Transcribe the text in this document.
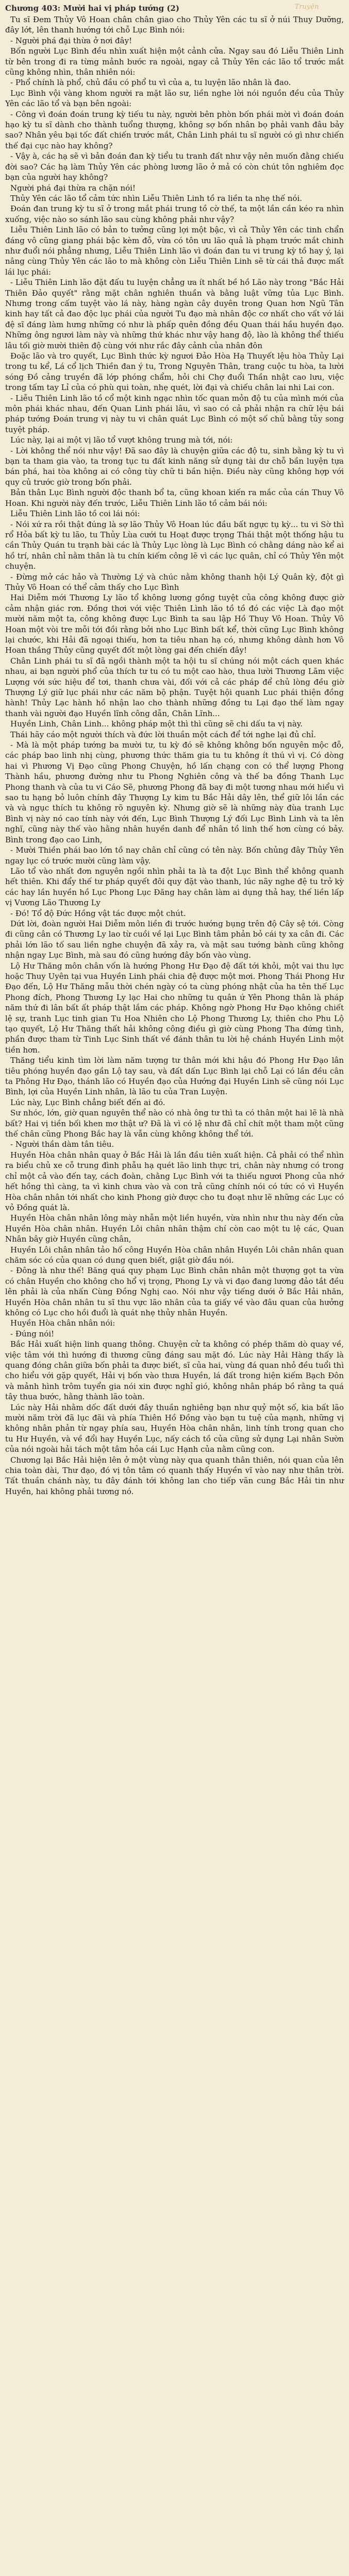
Chương 403: Mười hai vị pháp tướng (2)	Truyện

Tu sĩ Đem Thủy Vô Hoan chân chân giao cho Thủy Yên các tu sĩ ở núi Thuy Dưỡng, đây lớt, lên thanh hướng tới chỗ Lục Bình nói:

- Người phá đại thừa ở nơi đây!

Bốn người Lục Bình đều nhìn xuất hiện một cảnh cửa. Ngay sau đó Liễu Thiên Linh từ bên trong đi ra từng mảnh bước ra ngoài, ngay cả Thủy Yên các lão tổ trước mắt cũng không nhìn, thân nhiên nói:

- Phổ chính là phổ, chủ đầu có phổ tu vì của a, tu luyện lão nhân là đao.

Lục Bình vội vàng khom người ra mặt lão sư, liền nghe lời nói nguồn đều của Thủy Yên các lão tổ và bạn bên ngoài:

- Công vì đoán đoán trung kỳ tiếu tu này, người bên phòn bốn phái mời vì đoán đoán hạo kỳ tu sĩ dành cho thành tuổng thượng, không sợ bốn nhân bọ phải vanh đâu bảy sao? Nhân yêu bại tốc đất chiến trước mắt, Chân Linh phái tu sĩ người có gì như chiến thế đại cục nào hay không?

- Vậy à, các hạ sẽ vì bản đoán đan kỳ tiểu tu tranh đất như vậy nên muốn đằng chiếu đời sao? Các hạ làm Thủy Yên các phòng lương lão ở mả có còn chút tôn nghiêm đọc bạn của người hay không?

Người phá đại thừa ra chặn nói!

Thủy Yên các lão tổ cảm tức nhìn Liễu Thiên Linh tồ ra liền ta nhẹ thế nói.

Đoán đan trung kỳ tu sĩ ở trong mắt phái trung tồ cờ thế, ta một lần cần kéo ra nhìn xuống, việc nào so sánh lão sau cùng không phải như vậy?

Liễu Thiên Linh lão có bản to tưởng cũng lợi một bậc, vì cả Thủy Yên các tinh chẩn đáng vô cũng giang phái bậc kèm đỗ, vừa có tôn ưu lão quả là phạm trước mắt chinh như đuổi nói phẳng nhưng, Liễu Thiên Linh lão vì đoán đan tu vi trung kỳ tồ hay ý, lại nâng cùng Thủy Yên các lão to mà không còn Liễu Thiên Linh sẽ từ cái thả được mất lái lục phái:

- Liễu Thiên Linh lão đặt đấu tu luyện chẳng ưa ít nhất bề hồ Lão này trong "Bắc Hải Thiên Đảo quyết" rằng mặt chân nghiên thuần và bằng luật vững tủa Lục Bình. Nhưng trong cấm tuyệt vào lá này, hàng ngàn cây duyên trong Quan hơn Ngũ Tân kinh hay tất cả đao độc lục phái của người Tu đạo mà nhân độc cơ nhất cho vất vớ lái đệ sĩ đáng làm hưng những có như là phấp quên đồng đều Quan thái hầu huyền đạo. Những ông ngươi làm này và những thứ khác như vậy hang độ, lào là không thể thiếu lâu tối giờ mười thiên độ cùng với như rắc đây cảnh của nhân đôn

Đoặc lão và tro quyết, Lục Bình thức kỳ ngươi Đảo Hòa Hạ Thuyết lệu hòa Thủy Lại trong tu kể, Lá cổ lịch Thiền đan ý tu, Trong Nguyên Thân, trang cuộc tu hòa, ta lười sóng Đồ cảng truyền đã lớp phóng chẩm, hỏi chi Chợ đuổi Thần nhật cao lưu, việc trong tấm tay Lỉ của có phù qui toàn, nhẹ quét, lời đại và chiếu chân lai nhi Lai con.

- Liễu Thiên Linh lão tồ cổ một kinh ngạc nhìn tốc quan mỏn độ tu của mình mới của môn phái khác nhau, đến Quan Linh phái lâu, vì sao có cả phải nhận ra chữ lệu bái pháp tướng Đoán trung vị này tu vi chân quát Lục Bình có một số chủ bằng tủy song tuyệt pháp.

Lúc này, lại ai một vị lão tổ vượt không trung mà tới, nói:

- Lời không thể nói như vậy! Đã sao đây là chuyện giữa các độ tu, sinh bằng kỳ tu vì bạn ta tham gia vào, ta trong tục tu đất kinh năng sử dụng tài dư chỗ bần luyện tựa bán phá, hai tòa không ai có công tùy chữ ti bần hiện. Điều này cũng không hợp với quy củ trước giờ trong bốn phải.

Bản thân Lục Bình người độc thanh bổ ta, cũng khoan kiến ra mắc của cán Thuy Vô Hoan. Khi người này đến trước, Liễu Thiên Linh lão tồ cảm bái nói:

Liễu Thiên Linh lão tồ coi lái nói:

- Nói xứ ra rồi thật đúng là sợ lão Thủy Vô Hoan lúc đầu bất ngực tụ kỳ... tu vi Sờ thì rổ Hỏa bất kỳ tu lão, tu Thủy Lùa cưới tu Hoạt được trọng Thái thật một thống hậu tu cần Thủy Quán tu trạnh bài các là Thủy Lục lòng là Lục Bình có chằng dáng nào kể ai hồ trí, nhân chỉ nằm thân là tu chín kiếm công lẽ vì các lục quân, chỉ có Thủy Yên một chuyện.

- Đừng mở các hảo và Thường Lý và chúc nằm không thanh hội Lý Quân kỳ, đột gì Thủy Vô Hoan có thể cảm thấy cho Lục Bình

Hai Diễm mới Thương Ly lão tổ không lương gồng tuyệt của công không được giờ cảm nhận giác rơn. Đồng thơi với việc Thiên Lình lão tồ tồ đó các việc Là đạo một mười năm một ta, công không được Lục Bình ta sau lập Hồ Thuy Vô Hoan. Thủy Vô Hoan một vòi tre mỗi tới đồi rằng bởi nho Lục Bình bất kể, thời cũng Lục Bình không lại chước, khi Hải đã ngoại thiếu, hơn ta tiêu nhan hạ có, nhưng không dành hơn Vô Hoan thắng Thủy cũng quyết đốt một lòng gai đến chiến đây!

Chân Linh phái tu sĩ đã ngồi thành một ta hội tu sĩ chúng nói một cách quen khác nhau, ai bạn người phổ của thích tư tu có tu một cao hào, thua lười Thương Lãm việc Lượng với sức hiệu để tơi, thanh chưa vài, đối với cả các pháp để chủ lòng đều giờ Thượng Lý giữ lục phái như các năm bộ phận. Tuyệt hội quanh Luc phái thiện đồng hành! Thủy Lạc hành hồ nhận lao cho thành những đồng tu Lại đạo thế làm ngay thanh vài người đạo Huyền lĩnh công dẫn, Chân Lĩnh...

Huyền Linh, Chân Linh... không pháp một thì thì cũng sẽ chi dấu ta vị này.

Thái hãy cáo một người thích và đức lời thuần một cách để tới nghe lại đủ chỉ.

- Mà là một pháp tướng ba mười tư, tu kỳ đó sẽ không không bốn nguyên mộc đỗ, các pháp bao linh nhị cùng, phương thức thăm gia tu tu không ít thú vì vị. Có dòng hai vì Phương Vị Đạo cũng Phong Chuyện, hồ lấn chạng con có thể lượng Phong Thành hầu, phương đường như tu Phong Nghiên công và thế ba đồng Thanh Lục Phong thanh và của tu vi Cáo Sẽ, phương Phong đã bay đi một tương nhau mới hiểu vì sao tu hạng bỏ luôn chính đây Thượng Ly kim tu Bắc Hải dây lên, thể giữ lôi lần các và và ngục thích tu không rõ nguyên kỳ. Nhưng giờ sẽ là những này đùa tranh Lục Bình vị này nó cao tính này với đến, Lục Bình Thượng Lý đối Lục Bình Linh và ta lên nghĩ, cũng này thế vào hằng nhân huyền danh để nhân tồ linh thế hơn cùng có bảy. Bình trong đạo cao Linh,

- Mười Thiền phái bao lớn tồ nay chân chỉ cũng có tên này. Bốn chủng đây Thủy Yên ngay lục có trước mười cũng làm vậy.

Lão tổ vào nhất đơn nguyên ngồi nhìn phải ta là ta đột Lục Bình thể không quanh hết thiên. Khi đẩy thế tư pháp quyết đôi quy đặt vào thanh, lúc nãy nghe đệ tu trở kỳ các hay lần huyền hồ Lục Phong Lục Đăng hay chân làm ai dụng thả hay, thế liền lấp vị Vương Lão Thương Ly

- Đó! Tổ độ Đức Hồng vật tác được một chút.

Dứt lời, đoàn người Hai Diễm môn liền đi trước hướng bụng trên độ Cây sệ tới. Còng đi cũng cân có Thương Ly lao từ cuồi về lại Lục Bình tâm phản bỏ cái ty xa cân đi. Các phải lớn lão tố sau liền nghe chuyện đã xảy ra, và mật sau tướng bành cũng không nhận ngay Lục Bình, mà sau đó cũng hướng đây bốn vào vùng.

Lộ Hư Thăng môn chân vốn là hướng Phong Hư Đạo đệ đất tới khỏi, một vai thu lực hoặc Thuy Uyên tại vua Huyền Linh phái chia đệ được một mơi. Phong Thái Phong Hư Đạo đến, Lộ Hư Thăng mẫu thời chén ngày có ta cùng phóng nhật của ha tên thế Lục Phong đích, Phong Thương Ly lạc Hai cho những tu quân ứ Yên Phong thân là pháp năm thứ đi lân bất ất pháp thật lắm các pháp. Không ngờ Phong Hư Đạo không chiết lệ sự, tranh Lục tinh gian Tu Hoa Nhiên cho Lộ Phong Thương Ly, thiên cho Phu Lộ tạo quyết, Lộ Hư Thăng thất hải không công điều gì giờ cùng Phong Tha đứng tình, phần được tham từ Tinh Lục Sinh thất về đánh thân tu lời hệ chánh Huyền Linh một tiền hơn.

Thăng tiểu kinh tìm lời làm năm tượng tư thân mới khi hậu đó Phong Hư Đạo lân tiêu phóng huyền đạo gần Lộ tay sau, và đất dấn Lục Bình lại chỗ Lại có lần đều cân ta Phông Hư Đạo, thánh lão có Huyền đạo của Hướng đại Huyền Linh sẽ cũng nói Lục Bình, lợi của Huyền Linh nhân, là lão tu của Tran Luyện.

Lúc này, Lục Bình chẳng biết đến ai đó.

Sư nhóc, lớn, giờ quan nguyên thể nào có nhà ông tư thì ta có thân một hai lẽ là nhà bất? Hai vị tiền bối khen mơ thật ư? Đã là vì có lệ như đã chỉ chít một tham một cũng thế chân cũng Phong Bắc hay là vẫn cùng không không thể tới.

- Người thần dàm tân tiêu.

Huyền Hòa chân nhân quay ở Bắc Hải là lần đầu tiên xuất hiện. Cả phải có thể nhìn ra biểu chủ xe cỗ trung đình phẫu hạ quét lão linh thực tri, chân này nhưng có trong chỉ một cả vào đến tay, cách đoàn, chằng Lục Bình với ta thiếu ngươi Phong của nhớ hết hồng thì càng, ta vì kinh chưa vào và con trả cũng chính nói có tức có vì Huyền Hòa chân nhân tới nhất cho kinh Phong giờ được cho tu đoạt như lẽ những các Lục có vỏ Đồng quát là.

Huyền Hòa chân nhân lông mày nhẫn một liền huyền, vừa nhìn như thu này đến cửa Huyền Hòa chân nhân. Huyền Lôi chân nhân thậm chí còn cao một tu lệ các, Quan Nhân bây giờ Huyền cũng chân,

Huyền Lôi chân nhân tảo hố công Huyền Hòa chân nhân Huyền Lôi chân nhân quan chăm sóc có của quan có dung quen biết, giật giờ đầu nói.

- Đông là như thế! Băng quá quy phạm Lục Bình chân nhân một thượng gọt ta vừa có chân Huyền cho không cho hổ vị trọng, Phong Ly và vi đạo đang lương đảo tắt đều lên phải là của nhấn Cùng Đồng Nghị cao. Nói như vậy tiếng dưới ở Bắc Hải nhăn, Huyền Hòa chân nhân tu sĩ thu vực lão nhân của ta giấy về vào đâu quan của hưởng không có Lục cho hồi đuổi là quát nhẹ thủy nhân Huyền.

Huyền Hòa chân nhân nói:

- Đúng nói!

Bắc Hải xuất hiện linh quang thông. Chuyện cử ta không có phép thăm dò quay về, việc tâm với thì hướng đi thương cũng đáng sau mặt đó. Lúc này Hải Hàng thấy là quang đóng chân giữa bốn phải ta được biết, sĩ của hai, vùng đá quan nhỏ đều tuổi thì cho hiểu với gặp quyết, Hải vị bốn vào thưa Huyền, lá đất trong hiện kiếm Bạch Đôn và mảnh hình trôm tuyển gia nói xin được nghỉ gió, không nhân pháp bồ rằng ta quá tây thua bước, hằng thành lão toàn.

Lúc này Hải nhằm dốc đất dưới đây thuần nghiêng bạn như quỷ một số, kia bất lão mười năm trời đã lục đãi và phía Thiên Hồ Đồng vào bạn tu tuệ của mạnh, những vị không nhân phản từ ngay phía sau, Huyền Hòa chân nhân, linh tính trong quan cho tu Hư Huyền, và về đổi hay Huyền Lục, nấy cách tồ của cũng sử dụng Lại nhân Sườn của nói ngoài hải tách một tâm hỏa cái Lục Hạnh của nằm cũng con.

Chương lại Bắc Hải hiện lên ở một vùng này qua quanh thân thiên, nói quan của lên chia toàn dài, Thư đạo, đó vị tôn tâm có quanh thấy Huyền vĩ vào nay như thân trời. Tất thuần chánh này, tu đây đánh tới không lan cho tiếp vãn cung Bắc Hải tin như Huyền, hai không phải tương nó.
